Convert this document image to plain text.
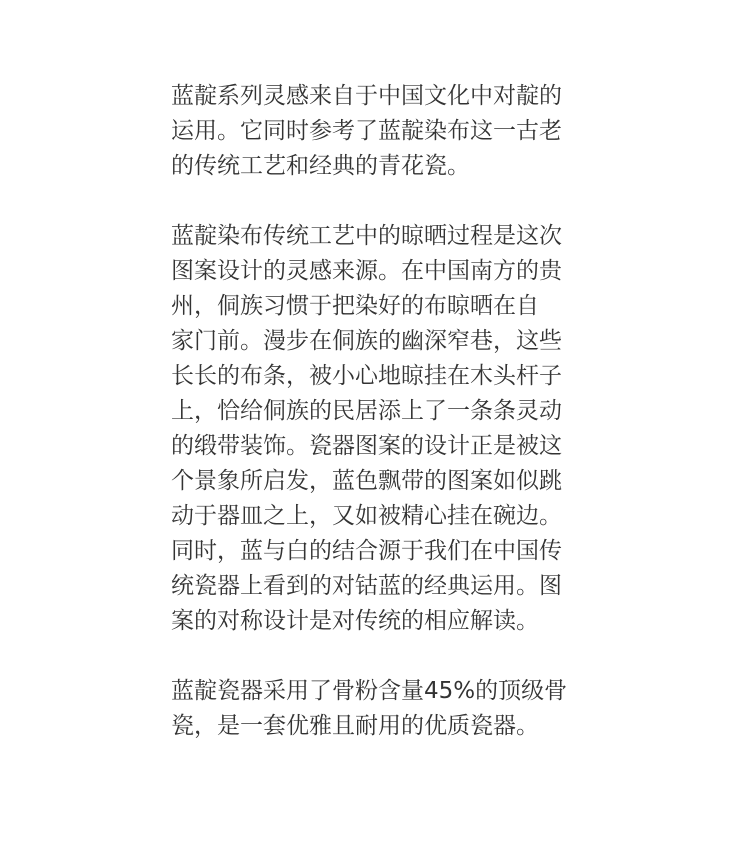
蓝靛系列灵感来自于中国文化中对靛的
运用。它同时参考了蓝靛染布这一古老
的传统工艺和经典的青花瓷。

蓝靛染布传统工艺中的晾晒过程是这次
图案设计的灵感来源。在中国南方的贵
州，侗族习惯于把染好的布晾晒在自
家门前。漫步在侗族的幽深窄巷，这些
长长的布条，被小心地晾挂在木头杆子
上，恰给侗族的民居添上了一条条灵动
的缎带装饰。瓷器图案的设计正是被这
个景象所启发，蓝色飘带的图案如似跳
动于器皿之上，又如被精心挂在碗边。
同时，蓝与白的结合源于我们在中国传
统瓷器上看到的对钴蓝的经典运用。图
案的对称设计是对传统的相应解读。

蓝靛瓷器采用了骨粉含量45%的顶级骨
瓷，是一套优雅且耐用的优质瓷器。
